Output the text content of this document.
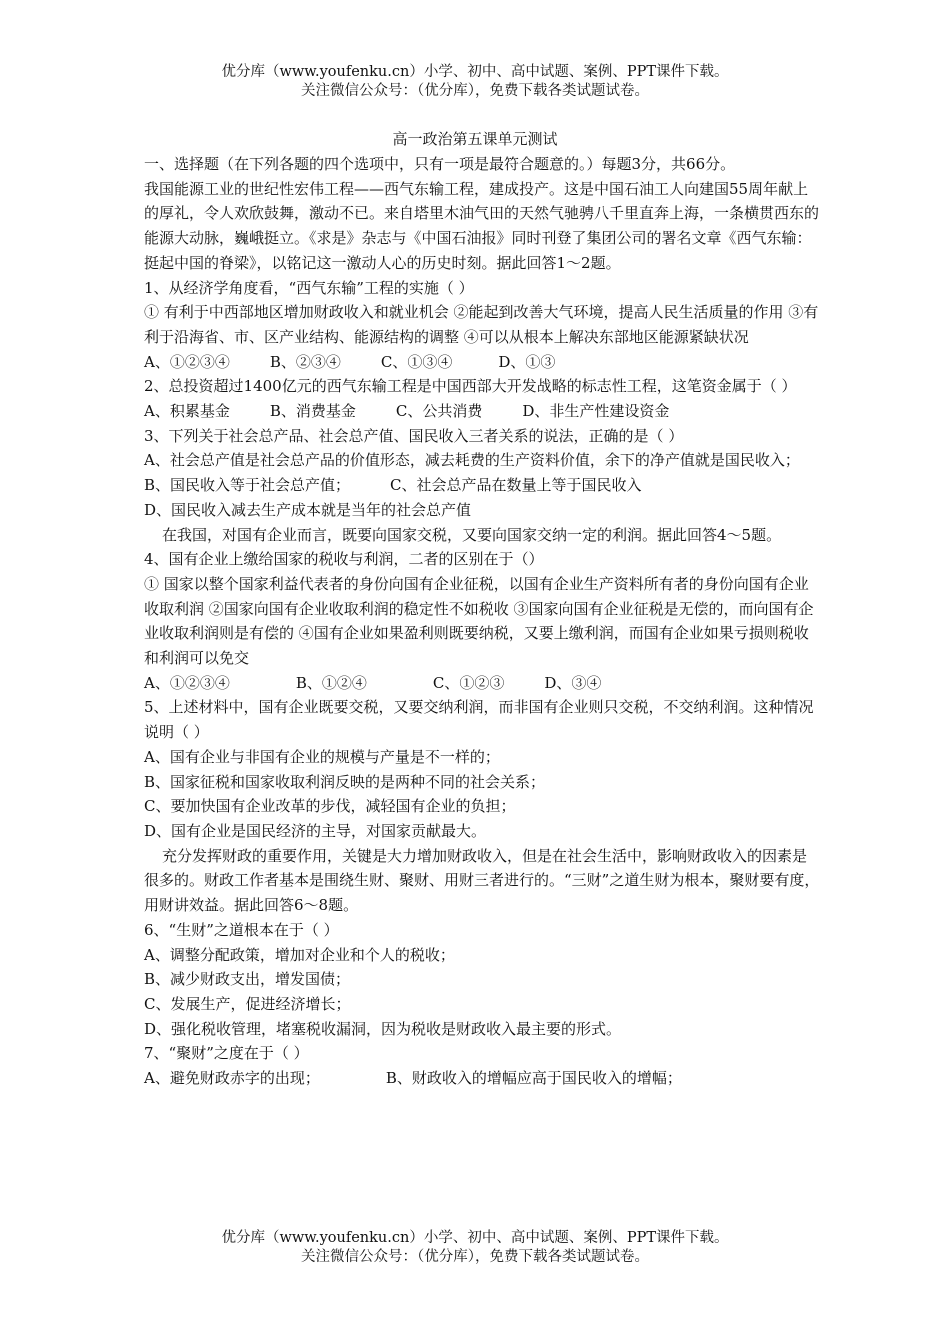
优分库（www.youfenku.cn）小学、初中、高中试题、案例、PPT课件下载。
关注微信公众号：（优分库），免费下载各类试题试卷。
高一政治第五课单元测试

一、选择题（在下列各题的四个选项中，只有一项是最符合题意的。）每题3分，共66分。

我国能源工业的世纪性宏伟工程——西气东输工程，建成投产。这是中国石油工人向建国55周年献上的厚礼，令人欢欣鼓舞，激动不已。来自塔里木油气田的天然气驰骋八千里直奔上海，一条横贯西东的能源大动脉，巍峨挺立。《求是》杂志与《中国石油报》同时刊登了集团公司的署名文章《西气东输：挺起中国的脊梁》，以铭记这一激动人心的历史时刻。据此回答1～2题。

1、从经济学角度看，“西气东输”工程的实施（ ）

① 有利于中西部地区增加财政收入和就业机会 ②能起到改善大气环境，提高人民生活质量的作用 ③有利于沿海省、市、区产业结构、能源结构的调整 ④可以从根本上解决东部地区能源紧缺状况

A、①②③④	B、②③④	C、①③④	D、①③

2、总投资超过1400亿元的西气东输工程是中国西部大开发战略的标志性工程，这笔资金属于（ ）

A、积累基金	B、消费基金	C、公共消费	D、非生产性建设资金

3、下列关于社会总产品、社会总产值、国民收入三者关系的说法，正确的是（ ）

A、社会总产值是社会总产品的价值形态，减去耗费的生产资料价值，余下的净产值就是国民收入；

B、国民收入等于社会总产值；	C、社会总产品在数量上等于国民收入

D、国民收入减去生产成本就是当年的社会总产值

在我国，对国有企业而言，既要向国家交税，又要向国家交纳一定的利润。据此回答4～5题。

4、国有企业上缴给国家的税收与利润，二者的区别在于（）

① 国家以整个国家利益代表者的身份向国有企业征税，以国有企业生产资料所有者的身份向国有企业收取利润 ②国家向国有企业收取利润的稳定性不如税收 ③国家向国有企业征税是无偿的，而向国有企业收取利润则是有偿的 ④国有企业如果盈利则既要纳税，又要上缴利润，而国有企业如果亏损则税收和利润可以免交

A、①②③④	B、①②④	C、①②③	D、③④

5、上述材料中，国有企业既要交税，又要交纳利润，而非国有企业则只交税，不交纳利润。这种情况说明（ ）

A、国有企业与非国有企业的规模与产量是不一样的；

B、国家征税和国家收取利润反映的是两种不同的社会关系；

C、要加快国有企业改革的步伐，减轻国有企业的负担；

D、国有企业是国民经济的主导，对国家贡献最大。

充分发挥财政的重要作用，关键是大力增加财政收入，但是在社会生活中，影响财政收入的因素是很多的。财政工作者基本是围绕生财、聚财、用财三者进行的。“三财”之道生财为根本，聚财要有度，用财讲效益。据此回答6～8题。

6、“生财”之道根本在于（ ）

A、调整分配政策，增加对企业和个人的税收；

B、减少财政支出，增发国债；

C、发展生产，促进经济增长；

D、强化税收管理，堵塞税收漏洞，因为税收是财政收入最主要的形式。

7、“聚财”之度在于（ ）

A、避免财政赤字的出现；	B、财政收入的增幅应高于国民收入的增幅；

优分库（www.youfenku.cn）小学、初中、高中试题、案例、PPT课件下载。
关注微信公众号：（优分库），免费下载各类试题试卷。
